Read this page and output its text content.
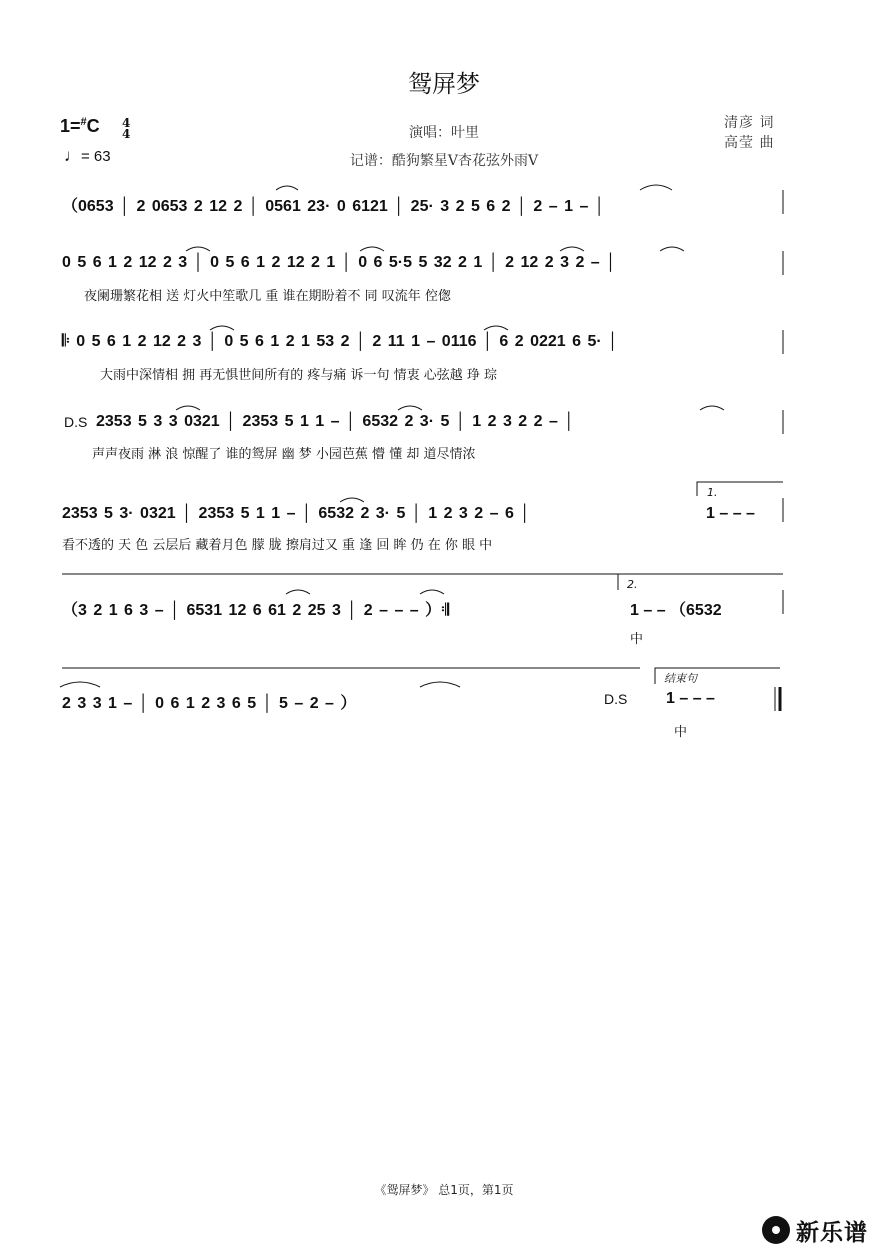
鸳屏梦
1=#C 4
4
♩= 63
演唱：叶里
记谱：酷狗繁星V杏花弦外雨V
清彦 词
高莹 曲
（0653 │ 2 0653 2 12 2 │ 0561 23· 0 6121 │ 25· 3 2 5 6 2 │ 2 – 1 – │
0 5 6 1 2 12 2 3 │ 0 5 6 1 2 12 2 1 │ 0 6 5·5 5 32 2 1 │ 2 12 2 3 2 – │
夜阑珊繁花相 送 灯火中笙歌几 重 谁在期盼着不 同 叹流年 倥偬
𝄆 0 5 6 1 2 12 2 3 │ 0 5 6 1 2 1 53 2 │ 2 11 1 – 0116 │ 6 2 0221 6 5· │
大雨中深情相 拥 再无惧世间所有的 疼与痛 诉一句 情衷 心弦越 琤 琮
D.S 2353 5 3 3 0321 │ 2353 5 1 1 – │ 6532 2 3· 5 │ 1 2 3 2 2 – │
声声夜雨 淋 浪 惊醒了 谁的鸳屏 幽 梦 小园芭蕉 懵 懂 却 道尽情浓
1.
2353 5 3· 0321 │ 2353 5 1 1 – │ 6532 2 3· 5 │ 1 2 3 2 – 6 │	1 – – –
看不透的 天 色 云层后 藏着月色 朦 胧 擦肩过又 重 逢 回 眸 仍 在 你 眼 中
2.
（3 2 1 6 3 – │ 6531 12 6 61 2 25 3 │ 2 – – – ）𝄇	1 – – （6532
中
结束句
2 3 3 1 – │ 0 6 1 2 3 6 5 │ 5 – 2 – ）	D.S 1 – – –
中
《鸳屏梦》 总1页，第1页
新乐谱
